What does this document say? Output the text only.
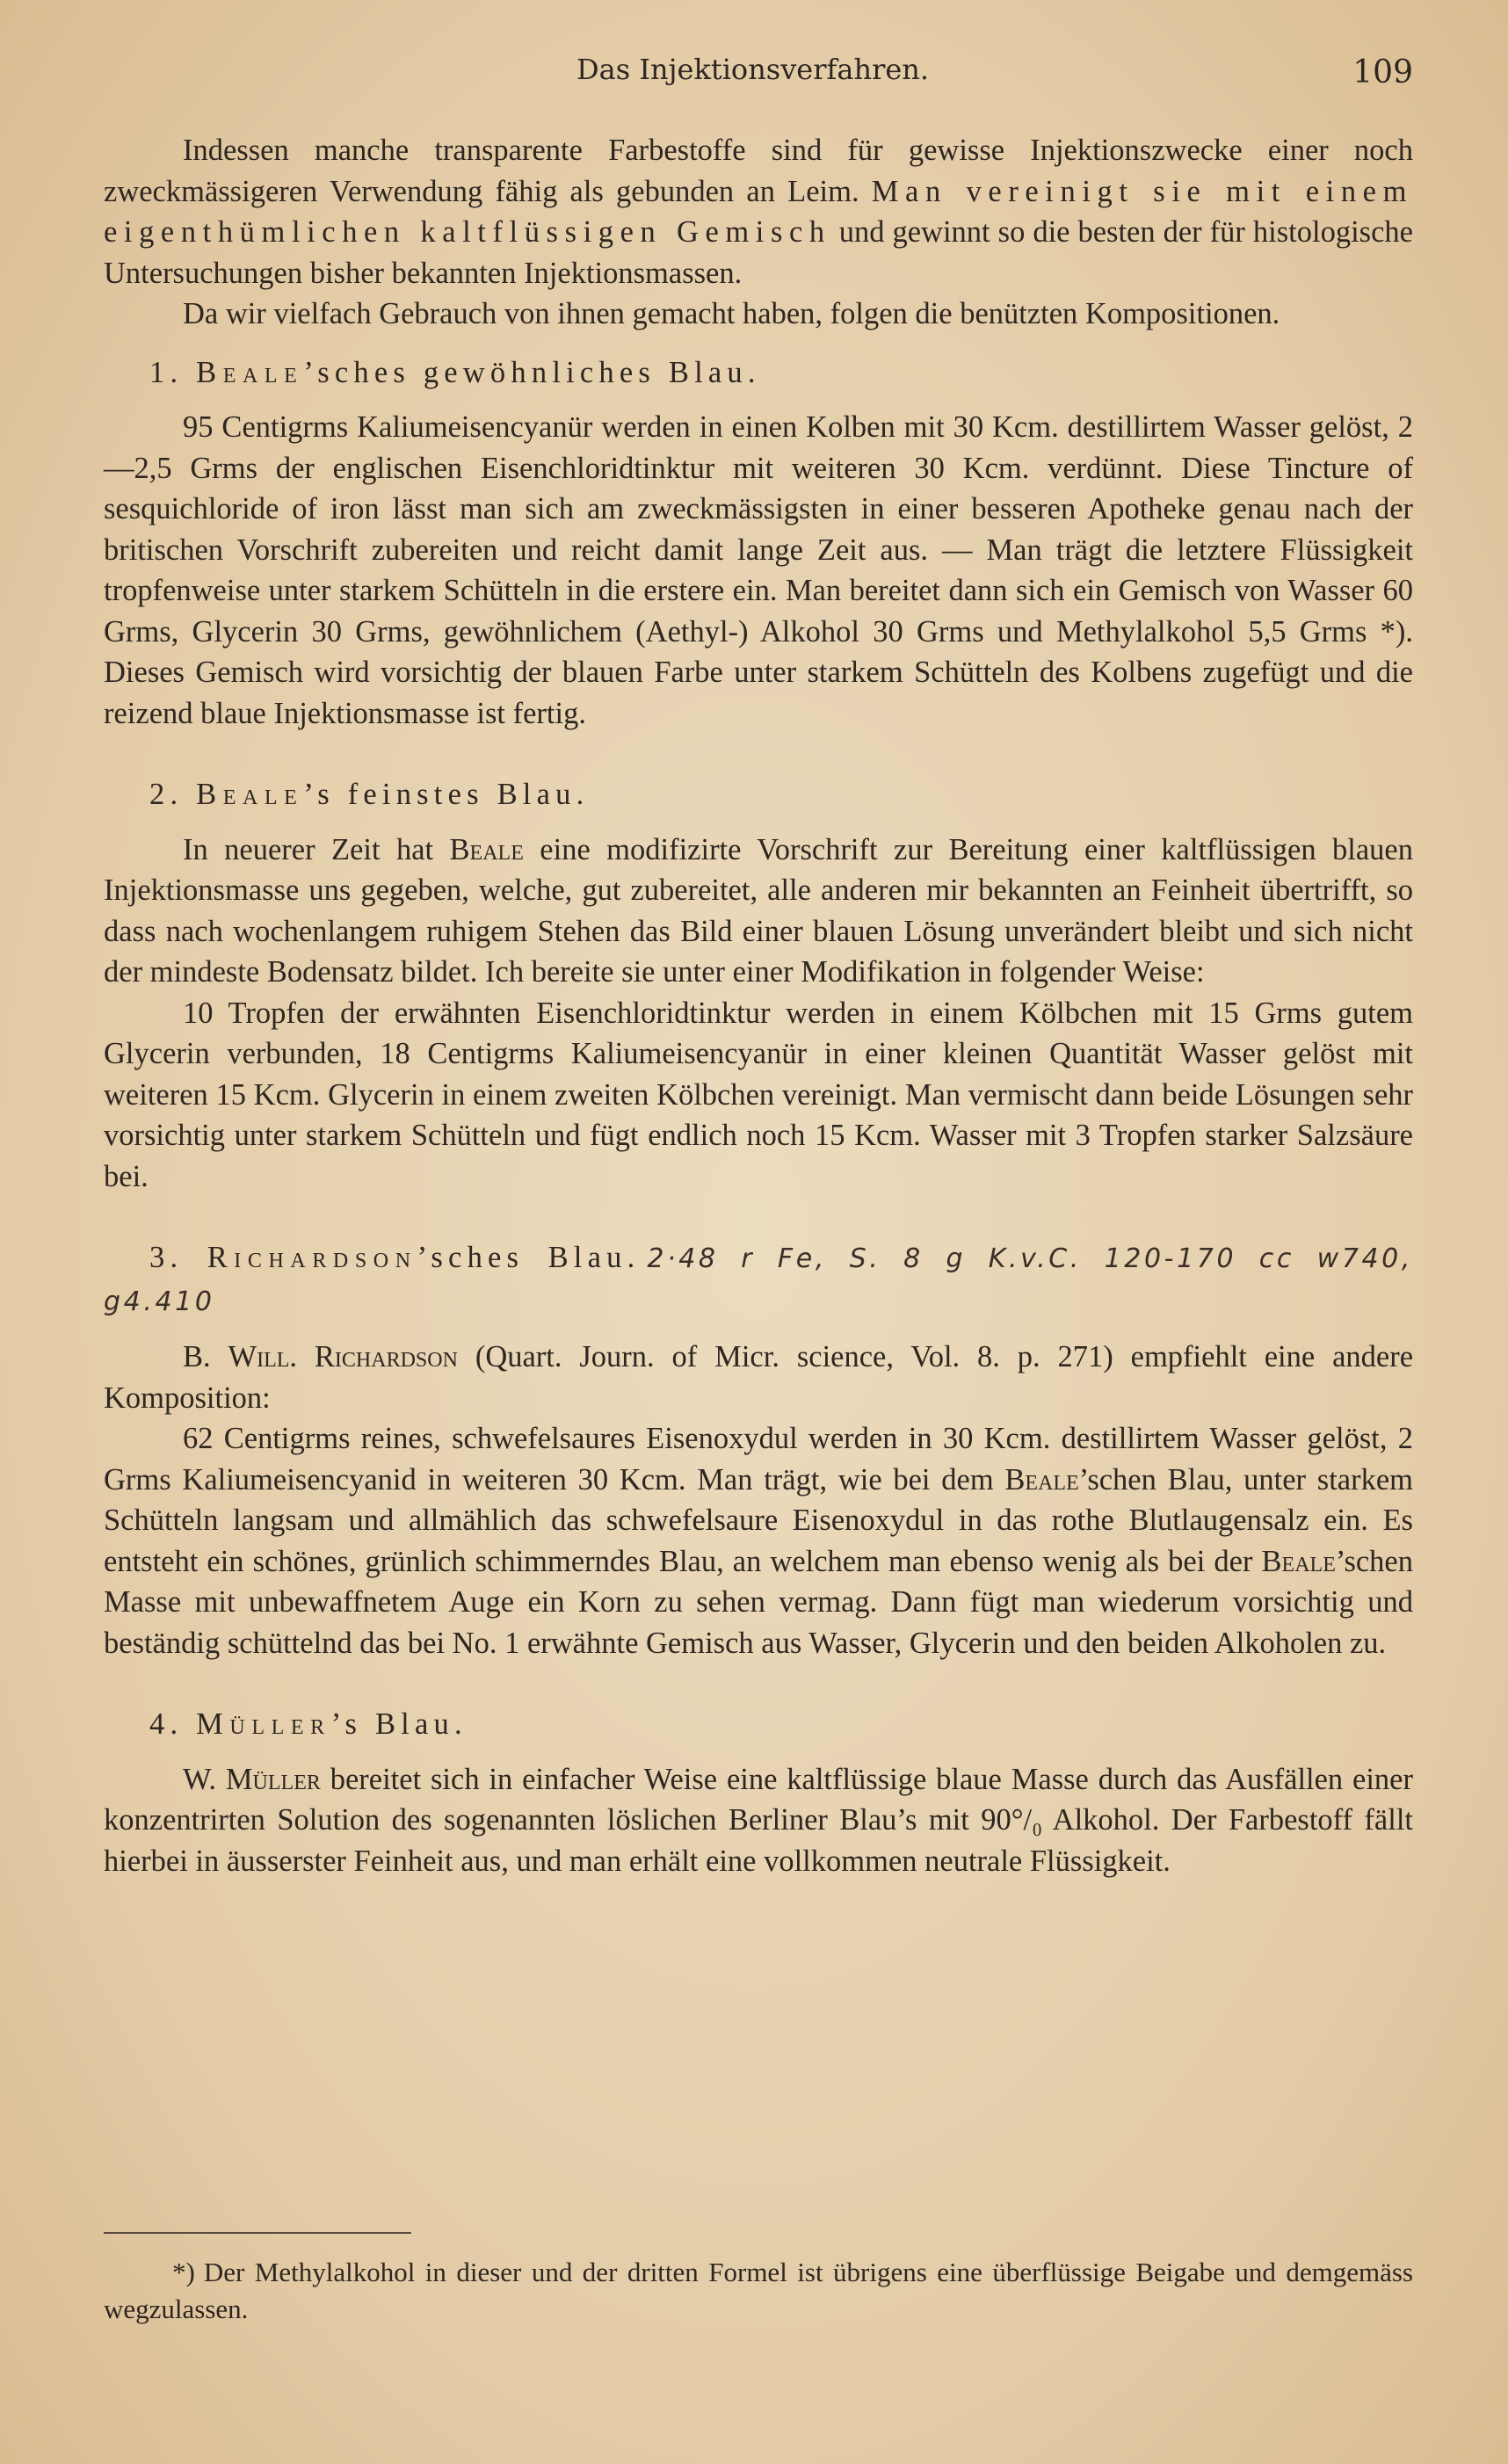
Das Injektionsverfahren.	109

Indessen manche transparente Farbestoffe sind für gewisse Injektionszwecke einer noch zweckmässigeren Verwendung fähig als gebunden an Leim. Man vereinigt sie mit einem eigenthümlichen kaltflüssigen Gemisch und gewinnt so die besten der für histologische Untersuchungen bisher bekannten Injektionsmassen.

Da wir vielfach Gebrauch von ihnen gemacht haben, folgen die benützten Kompositionen.

1. Beale’sches gewöhnliches Blau.

95 Centigrms Kaliumeisencyanür werden in einen Kolben mit 30 Kcm. destillirtem Wasser gelöst, 2—2,5 Grms der englischen Eisenchloridtinktur mit weiteren 30 Kcm. verdünnt. Diese Tincture of sesquichloride of iron lässt man sich am zweckmässigsten in einer besseren Apotheke genau nach der britischen Vorschrift zubereiten und reicht damit lange Zeit aus. — Man trägt die letztere Flüssigkeit tropfenweise unter starkem Schütteln in die erstere ein. Man bereitet dann sich ein Gemisch von Wasser 60 Grms, Glycerin 30 Grms, gewöhnlichem (Aethyl-) Alkohol 30 Grms und Methylalkohol 5,5 Grms *). Dieses Gemisch wird vorsichtig der blauen Farbe unter starkem Schütteln des Kolbens zugefügt und die reizend blaue Injektionsmasse ist fertig.

2. Beale’s feinstes Blau.

In neuerer Zeit hat Beale eine modifizirte Vorschrift zur Bereitung einer kaltflüssigen blauen Injektionsmasse uns gegeben, welche, gut zubereitet, alle anderen mir bekannten an Feinheit übertrifft, so dass nach wochenlangem ruhigem Stehen das Bild einer blauen Lösung unverändert bleibt und sich nicht der mindeste Bodensatz bildet. Ich bereite sie unter einer Modifikation in folgender Weise:

10 Tropfen der erwähnten Eisenchloridtinktur werden in einem Kölbchen mit 15 Grms gutem Glycerin verbunden, 18 Centigrms Kaliumeisencyanür in einer kleinen Quantität Wasser gelöst mit weiteren 15 Kcm. Glycerin in einem zweiten Kölbchen vereinigt. Man vermischt dann beide Lösungen sehr vorsichtig unter starkem Schütteln und fügt endlich noch 15 Kcm. Wasser mit 3 Tropfen starker Salzsäure bei.

3. Richardson’sches Blau. 2·48 r Fe, S. 8 g K.v.C. 120-170 cc w740, g4.410

B. Will. Richardson (Quart. Journ. of Micr. science, Vol. 8. p. 271) empfiehlt eine andere Komposition:

62 Centigrms reines, schwefelsaures Eisenoxydul werden in 30 Kcm. destillirtem Wasser gelöst, 2 Grms Kaliumeisencyanid in weiteren 30 Kcm. Man trägt, wie bei dem Beale’schen Blau, unter starkem Schütteln langsam und allmählich das schwefelsaure Eisenoxydul in das rothe Blutlaugensalz ein. Es entsteht ein schönes, grünlich schimmerndes Blau, an welchem man ebenso wenig als bei der Beale’schen Masse mit unbewaffnetem Auge ein Korn zu sehen vermag. Dann fügt man wiederum vorsichtig und beständig schüttelnd das bei No. 1 erwähnte Gemisch aus Wasser, Glycerin und den beiden Alkoholen zu.

4. Müller’s Blau.

W. Müller bereitet sich in einfacher Weise eine kaltflüssige blaue Masse durch das Ausfällen einer konzentrirten Solution des sogenannten löslichen Berliner Blau’s mit 90°/₀ Alkohol. Der Farbestoff fällt hierbei in äusserster Feinheit aus, und man erhält eine vollkommen neutrale Flüssigkeit.

*) Der Methylalkohol in dieser und der dritten Formel ist übrigens eine überflüssige Beigabe und demgemäss wegzulassen.
